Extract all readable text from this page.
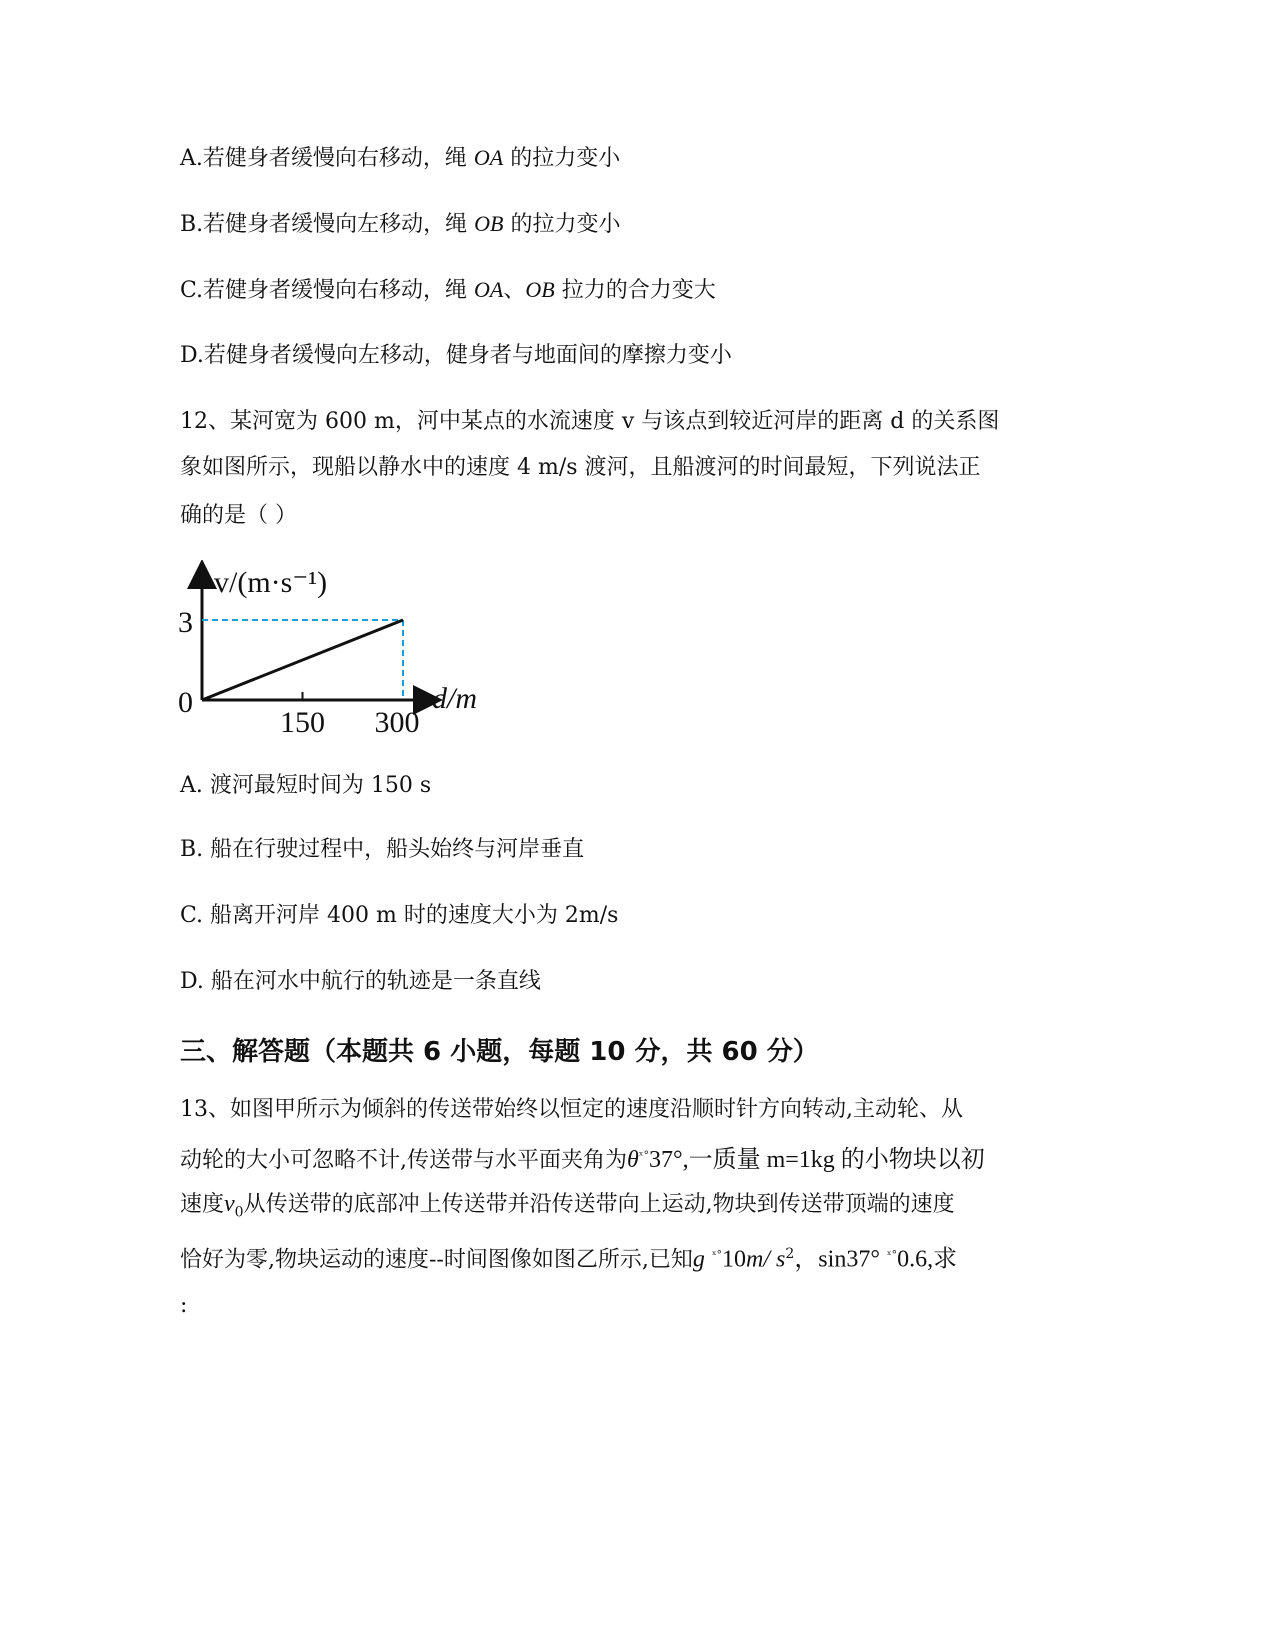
A.若健身者缓慢向右移动，绳 OA 的拉力变小
B.若健身者缓慢向左移动，绳 OB 的拉力变小
C.若健身者缓慢向右移动，绳 OA、OB 拉力的合力变大
D.若健身者缓慢向左移动，健身者与地面间的摩擦力变小
12、某河宽为 600 m，河中某点的水流速度 v 与该点到较近河岸的距离 d 的关系图
象如图所示，现船以静水中的速度 4 m/s 渡河，且船渡河的时间最短，下列说法正
确的是（ ）
v/(m·s⁻¹)
3
0
150 300
d/m
A. 渡河最短时间为 150 s
B. 船在行驶过程中，船头始终与河岸垂直
C. 船离开河岸 400 m 时的速度大小为 2m/s
D. 船在河水中航行的轨迹是一条直线
三、解答题（本题共 6 小题，每题 10 分，共 60 分）
13、如图甲所示为倾斜的传送带始终以恒定的速度沿顺时针方向转动,主动轮、从
动轮的大小可忽略不计,传送带与水平面夹角为$\theta^{ˣ^\circ}37^\circ$,一质量 m=1kg 的小物块以初
速度$v_0$从传送带的底部冲上传送带并沿传送带向上运动,物块到传送带顶端的速度
恰好为零,物块运动的速度--时间图像如图乙所示,已知g $^{ˣ^\circ}$10m/ $s^2$，sin37° $^{ˣ^\circ}$0.6,求
:
